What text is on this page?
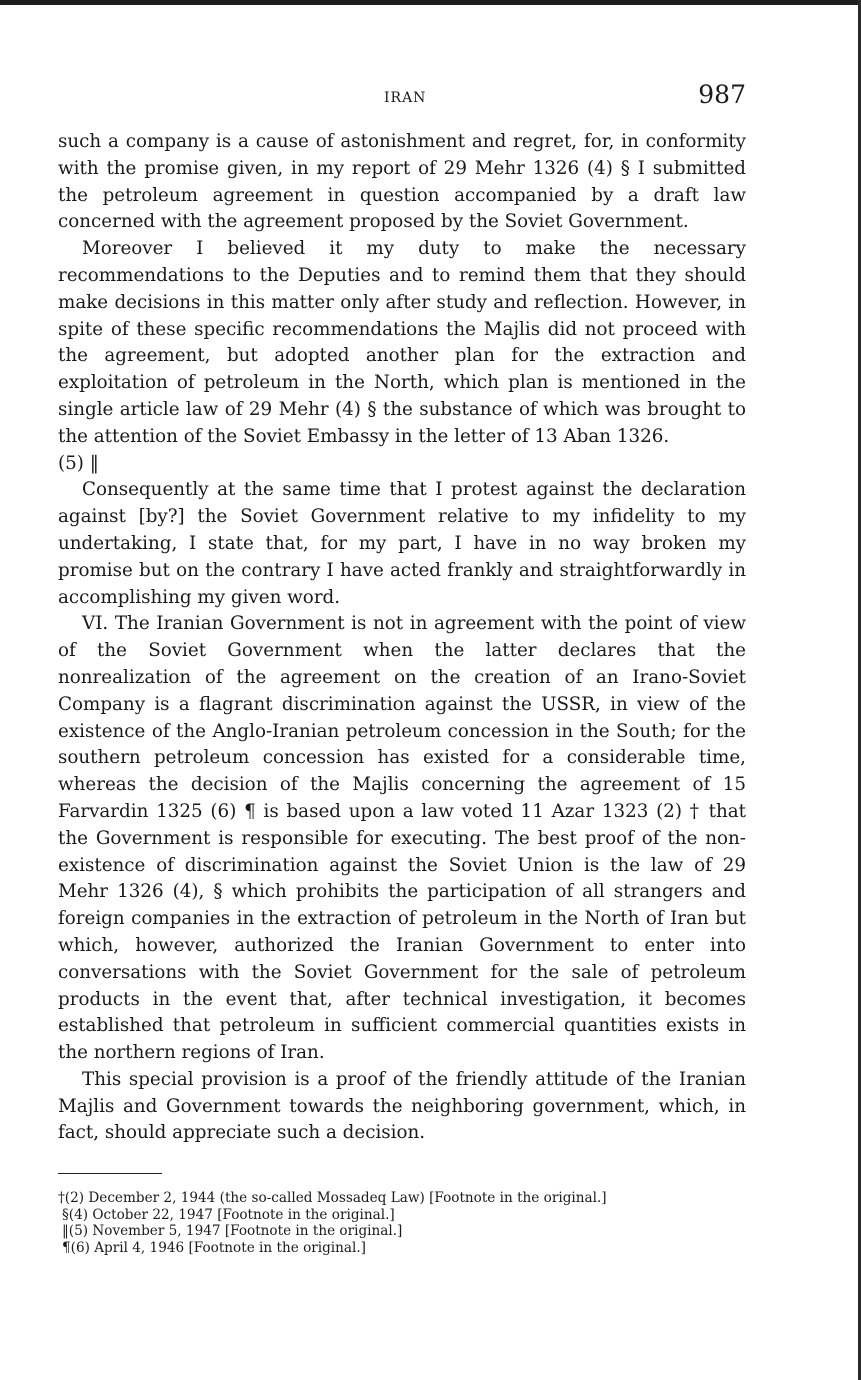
IRAN	987

such a company is a cause of astonishment and regret, for, in conformity with the promise given, in my report of 29 Mehr 1326 (4) § I submitted the petroleum agreement in question accompanied by a draft law concerned with the agreement proposed by the Soviet Government.

Moreover I believed it my duty to make the necessary recommendations to the Deputies and to remind them that they should make decisions in this matter only after study and reflection. However, in spite of these specific recommendations the Majlis did not proceed with the agreement, but adopted another plan for the extraction and exploitation of petroleum in the North, which plan is mentioned in the single article law of 29 Mehr (4) § the substance of which was brought to the attention of the Soviet Embassy in the letter of 13 Aban 1326.

(5) ‖

Consequently at the same time that I protest against the declaration against [by?] the Soviet Government relative to my infidelity to my undertaking, I state that, for my part, I have in no way broken my promise but on the contrary I have acted frankly and straightforwardly in accomplishing my given word.

VI. The Iranian Government is not in agreement with the point of view of the Soviet Government when the latter declares that the nonrealization of the agreement on the creation of an Irano-Soviet Company is a flagrant discrimination against the USSR, in view of the existence of the Anglo-Iranian petroleum concession in the South; for the southern petroleum concession has existed for a considerable time, whereas the decision of the Majlis concerning the agreement of 15 Farvardin 1325 (6) ¶ is based upon a law voted 11 Azar 1323 (2) † that the Government is responsible for executing. The best proof of the non-existence of discrimination against the Soviet Union is the law of 29 Mehr 1326 (4), § which prohibits the participation of all strangers and foreign companies in the extraction of petroleum in the North of Iran but which, however, authorized the Iranian Government to enter into conversations with the Soviet Government for the sale of petroleum products in the event that, after technical investigation, it becomes established that petroleum in sufficient commercial quantities exists in the northern regions of Iran.

This special provision is a proof of the friendly attitude of the Iranian Majlis and Government towards the neighboring government, which, in fact, should appreciate such a decision.

†(2) December 2, 1944 (the so-called Mossadeq Law) [Footnote in the original.]

§(4) October 22, 1947 [Footnote in the original.]

‖(5) November 5, 1947 [Footnote in the original.]

¶(6) April 4, 1946 [Footnote in the original.]
